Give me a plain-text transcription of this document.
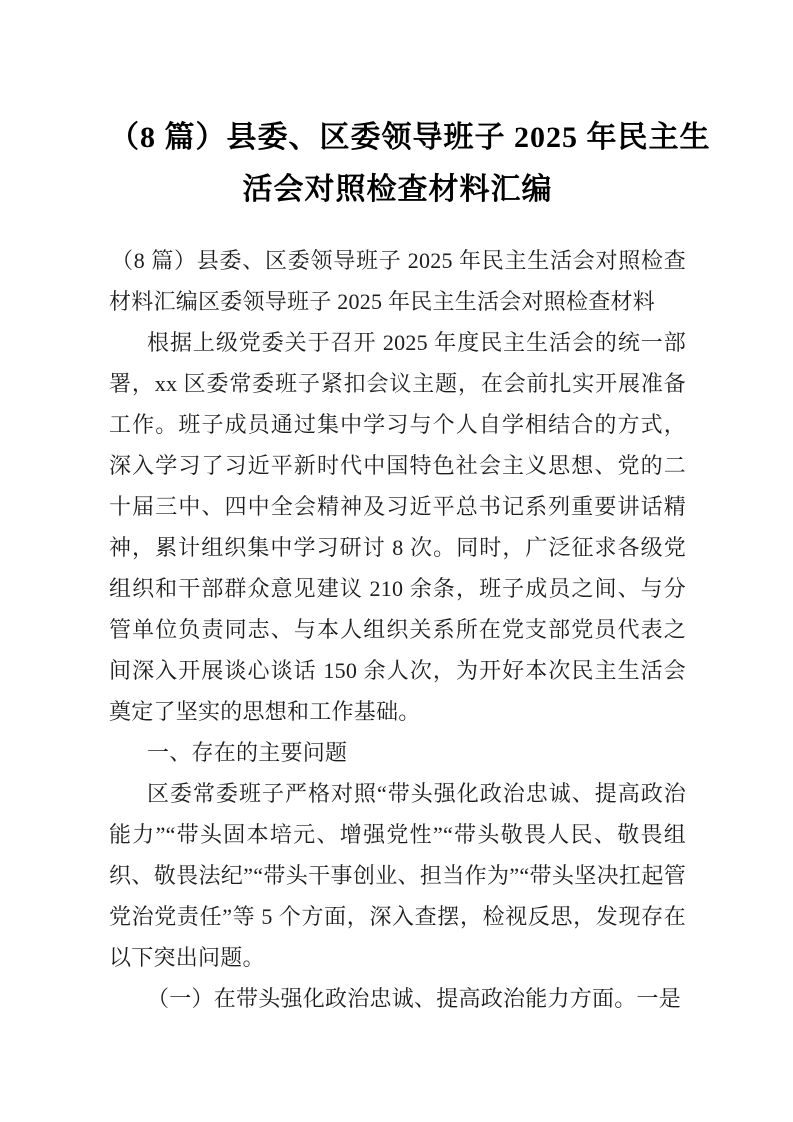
（8 篇）县委、区委领导班子 2025 年民主生
活会对照检查材料汇编

（8 篇）县委、区委领导班子 2025 年民主生活会对照检查材料汇编区委领导班子 2025 年民主生活会对照检查材料

根据上级党委关于召开 2025 年度民主生活会的统一部署，xx 区委常委班子紧扣会议主题，在会前扎实开展准备工作。班子成员通过集中学习与个人自学相结合的方式，深入学习了习近平新时代中国特色社会主义思想、党的二十届三中、四中全会精神及习近平总书记系列重要讲话精神，累计组织集中学习研讨 8 次。同时，广泛征求各级党组织和干部群众意见建议 210 余条，班子成员之间、与分管单位负责同志、与本人组织关系所在党支部党员代表之间深入开展谈心谈话 150 余人次，为开好本次民主生活会奠定了坚实的思想和工作基础。

一、存在的主要问题

区委常委班子严格对照“带头强化政治忠诚、提高政治能力”“带头固本培元、增强党性”“带头敬畏人民、敬畏组织、敬畏法纪”“带头干事创业、担当作为”“带头坚决扛起管党治党责任”等 5 个方面，深入查摆，检视反思，发现存在以下突出问题。

（一）在带头强化政治忠诚、提高政治能力方面。一是
